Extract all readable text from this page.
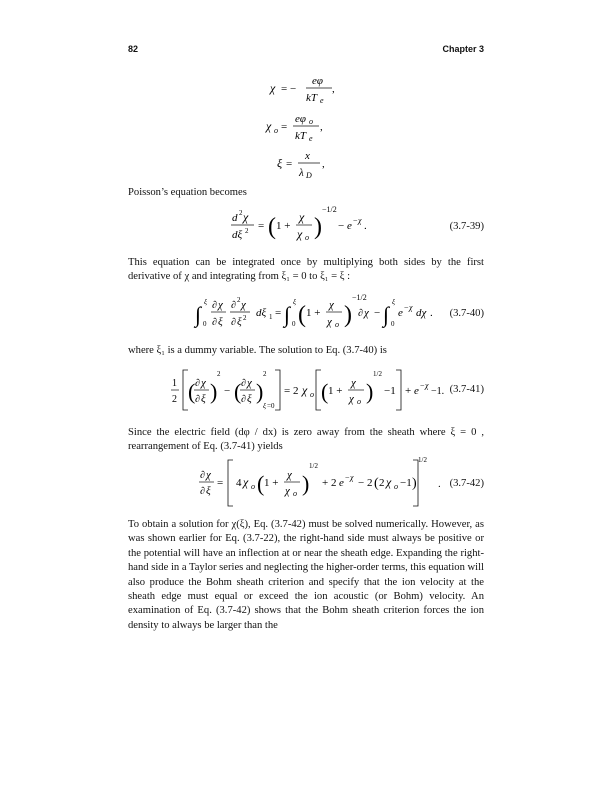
82	Chapter 3
χ = −
eφ
kT e
,
χ o =
eφ o
kT e
,
ξ =
x
λ D
,
Poisson’s equation becomes
d 2 χ
dξ 2 = ( 1 +
χ
χ o )
−1/2
− e − χ .	(3.7-39)
This equation can be integrated once by multiplying both sides by the first derivative of χ and integrating from ξ₁ = 0 to ξ₁ = ξ :
∫ ξ
0
∂ χ
∂ ξ
∂ 2 χ
∂ ξ 2 dξ 1 = ∫ ξ
0 ( 1 +
χ
χ o )
−1/2
∂ χ − ∫ ξ
0
e − χ dχ . (3.7-40)
where ξ₁ is a dummy variable. The solution to Eq. (3.7-40) is
1
2 ( ∂ χ
∂ ξ )
2
− ( ∂ χ
∂ ξ )
2
ξ =0
= 2 χ o ( 1 +
χ
χ o )
1/2
−1 + e − χ
−1. (3.7-41)
Since the electric field (dφ / dx) is zero away from the sheath where ξ = 0 , rearrangement of Eq. (3.7-41) yields
∂ χ
∂ ξ
= 4 χ o ( 1 +
χ
χ o )
1/2
+ 2 e − χ − 2 ( 2 χ o −1 )
1/2
. (3.7-42)
To obtain a solution for χ(ξ), Eq. (3.7-42) must be solved numerically. However, as was shown earlier for Eq. (3.7-22), the right-hand side must always be positive or the potential will have an inflection at or near the sheath edge. Expanding the right-hand side in a Taylor series and neglecting the higher-order terms, this equation will also produce the Bohm sheath criterion and specify that the ion velocity at the sheath edge must equal or exceed the ion acoustic (or Bohm) velocity. An examination of Eq. (3.7-42) shows that the Bohm sheath criterion forces the ion density to always be larger than the
